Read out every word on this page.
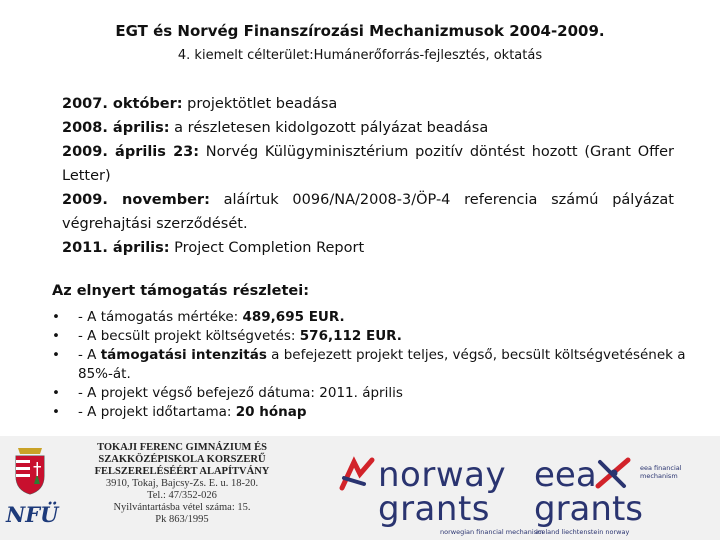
EGT és Norvég Finanszírozási Mechanizmusok 2004-2009.
4. kiemelt célterület:Humánerőforrás-fejlesztés, oktatás

2007. október: projektötlet beadása

2008. április: a részletesen kidolgozott pályázat beadása

2009. április 23: Norvég Külügyminisztérium pozitív döntést hozott (Grant Offer Letter)

2009. november: aláírtuk 0096/NA/2008-3/ÖP-4 referencia számú pályázat végrehajtási szerződését.

2011. április: Project Completion Report

Az elnyert támogatás részletei:
•	- A támogatás mértéke: 489,695 EUR.
•	- A becsült projekt költségvetés: 576,112 EUR.
•	- A támogatási intenzitás a befejezett projekt teljes, végső, becsült költségvetésének a 85%-át.
•	- A projekt végső befejező dátuma: 2011. április
•	- A projekt időtartama: 20 hónap
NFÜ
TOKAJI FERENC GIMNÁZIUM ÉS
SZAKKÖZÉPISKOLA KORSZERŰ
FELSZERELÉSÉÉRT ALAPÍTVÁNY
3910, Tokaj, Bajcsy-Zs. E. u. 18-20.
Tel.: 47/352-026
Nyilvántartásba vétel száma: 15.
Pk 863/1995
norway
grants
norwegian financial mechanism
eea
grants
iceland liechtenstein norway
eea financial mechanism
